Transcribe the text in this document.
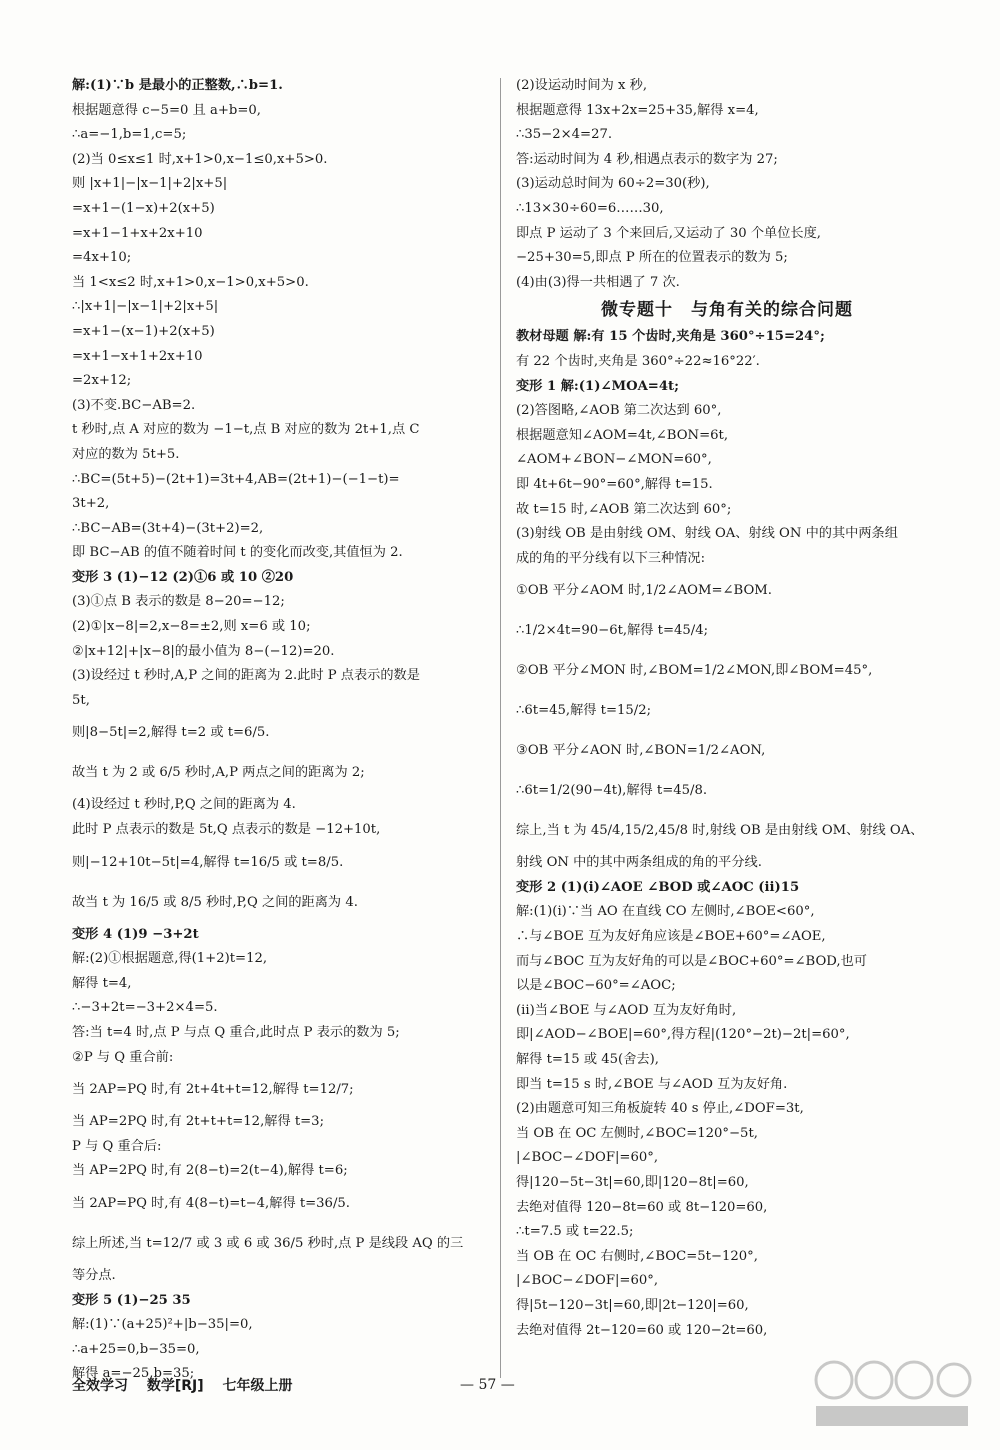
解:(1)∵b 是最小的正整数,∴b=1.
根据题意得 c−5=0 且 a+b=0,
∴a=−1,b=1,c=5;
(2)当 0≤x≤1 时,x+1>0,x−1≤0,x+5>0.
则 |x+1|−|x−1|+2|x+5|
=x+1−(1−x)+2(x+5)
=x+1−1+x+2x+10
=4x+10;
当 1<x≤2 时,x+1>0,x−1>0,x+5>0.
∴|x+1|−|x−1|+2|x+5|
=x+1−(x−1)+2(x+5)
=x+1−x+1+2x+10
=2x+12;
(3)不变.BC−AB=2.
t 秒时,点 A 对应的数为 −1−t,点 B 对应的数为 2t+1,点 C
对应的数为 5t+5.
∴BC=(5t+5)−(2t+1)=3t+4,AB=(2t+1)−(−1−t)=
3t+2,
∴BC−AB=(3t+4)−(3t+2)=2,
即 BC−AB 的值不随着时间 t 的变化而改变,其值恒为 2.
变形 3 (1)−12 (2)①6 或 10 ②20
(3)①点 B 表示的数是 8−20=−12;
(2)①|x−8|=2,x−8=±2,则 x=6 或 10;
②|x+12|+|x−8|的最小值为 8−(−12)=20.
(3)设经过 t 秒时,A,P 之间的距离为 2.此时 P 点表示的数是
5t,
则|8−5t|=2,解得 t=2 或 t=6/5.
故当 t 为 2 或 6/5 秒时,A,P 两点之间的距离为 2;
(4)设经过 t 秒时,P,Q 之间的距离为 4.
此时 P 点表示的数是 5t,Q 点表示的数是 −12+10t,
则|−12+10t−5t|=4,解得 t=16/5 或 t=8/5.
故当 t 为 16/5 或 8/5 秒时,P,Q 之间的距离为 4.
变形 4 (1)9 −3+2t
解:(2)①根据题意,得(1+2)t=12,
解得 t=4,
∴−3+2t=−3+2×4=5.
答:当 t=4 时,点 P 与点 Q 重合,此时点 P 表示的数为 5;
②P 与 Q 重合前:
当 2AP=PQ 时,有 2t+4t+t=12,解得 t=12/7;
当 AP=2PQ 时,有 2t+t+t=12,解得 t=3;
P 与 Q 重合后:
当 AP=2PQ 时,有 2(8−t)=2(t−4),解得 t=6;
当 2AP=PQ 时,有 4(8−t)=t−4,解得 t=36/5.
综上所述,当 t=12/7 或 3 或 6 或 36/5 秒时,点 P 是线段 AQ 的三
等分点.
变形 5 (1)−25 35
解:(1)∵(a+25)²+|b−35|=0,
∴a+25=0,b−35=0,
解得 a=−25,b=35;
(2)设运动时间为 x 秒,
根据题意得 13x+2x=25+35,解得 x=4,
∴35−2×4=27.
答:运动时间为 4 秒,相遇点表示的数字为 27;
(3)运动总时间为 60÷2=30(秒),
∴13×30÷60=6……30,
即点 P 运动了 3 个来回后,又运动了 30 个单位长度,
−25+30=5,即点 P 所在的位置表示的数为 5;
(4)由(3)得一共相遇了 7 次.
微专题十　与角有关的综合问题
教材母题 解:有 15 个齿时,夹角是 360°÷15=24°;
有 22 个齿时,夹角是 360°÷22≈16°22′.
变形 1 解:(1)∠MOA=4t;
(2)答图略,∠AOB 第二次达到 60°,
根据题意知∠AOM=4t,∠BON=6t,
∠AOM+∠BON−∠MON=60°,
即 4t+6t−90°=60°,解得 t=15.
故 t=15 时,∠AOB 第二次达到 60°;
(3)射线 OB 是由射线 OM、射线 OA、射线 ON 中的其中两条组
成的角的平分线有以下三种情况:
①OB 平分∠AOM 时,1/2∠AOM=∠BOM.
∴1/2×4t=90−6t,解得 t=45/4;
②OB 平分∠MON 时,∠BOM=1/2∠MON,即∠BOM=45°,
∴6t=45,解得 t=15/2;
③OB 平分∠AON 时,∠BON=1/2∠AON,
∴6t=1/2(90−4t),解得 t=45/8.
综上,当 t 为 45/4,15/2,45/8 时,射线 OB 是由射线 OM、射线 OA、
射线 ON 中的其中两条组成的角的平分线.
变形 2 (1)(i)∠AOE ∠BOD 或∠AOC (ii)15
解:(1)(i)∵当 AO 在直线 CO 左侧时,∠BOE<60°,
∴与∠BOE 互为友好角应该是∠BOE+60°=∠AOE,
而与∠BOC 互为友好角的可以是∠BOC+60°=∠BOD,也可
以是∠BOC−60°=∠AOC;
(ii)当∠BOE 与∠AOD 互为友好角时,
即|∠AOD−∠BOE|=60°,得方程|(120°−2t)−2t|=60°,
解得 t=15 或 45(舍去),
即当 t=15 s 时,∠BOE 与∠AOD 互为友好角.
(2)由题意可知三角板旋转 40 s 停止,∠DOF=3t,
当 OB 在 OC 左侧时,∠BOC=120°−5t,
|∠BOC−∠DOF|=60°,
得|120−5t−3t|=60,即|120−8t|=60,
去绝对值得 120−8t=60 或 8t−120=60,
∴t=7.5 或 t=22.5;
当 OB 在 OC 右侧时,∠BOC=5t−120°,
|∠BOC−∠DOF|=60°,
得|5t−120−3t|=60,即|2t−120|=60,
去绝对值得 2t−120=60 或 120−2t=60,
全效学习 数学[RJ] 七年级上册	— 57 —
